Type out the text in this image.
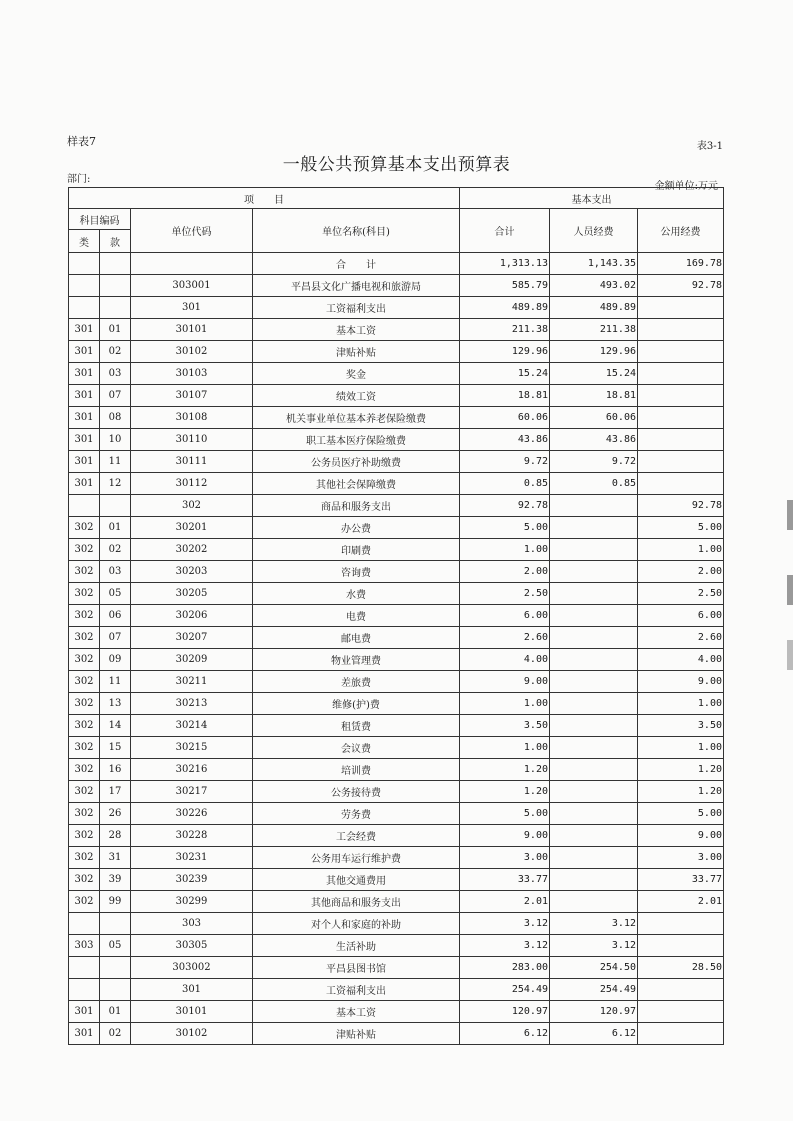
样表7	表3-1
一般公共预算基本支出预算表
部门:
金额单位:万元
项　　目				基本支出		
科目编码		单位代码	单位名称(科目)	合计	人员经费	公用经费
类	款					
			合　　计	1,313.13	1,143.35	169.78
		303001	平昌县文化广播电视和旅游局	585.79	493.02	92.78
		301	工资福利支出	489.89	489.89	
301	01	30101	基本工资	211.38	211.38	
301	02	30102	津贴补贴	129.96	129.96	
301	03	30103	奖金	15.24	15.24	
301	07	30107	绩效工资	18.81	18.81	
301	08	30108	机关事业单位基本养老保险缴费	60.06	60.06	
301	10	30110	职工基本医疗保险缴费	43.86	43.86	
301	11	30111	公务员医疗补助缴费	9.72	9.72	
301	12	30112	其他社会保障缴费	0.85	0.85	
		302	商品和服务支出	92.78		92.78
302	01	30201	办公费	5.00		5.00
302	02	30202	印刷费	1.00		1.00
302	03	30203	咨询费	2.00		2.00
302	05	30205	水费	2.50		2.50
302	06	30206	电费	6.00		6.00
302	07	30207	邮电费	2.60		2.60
302	09	30209	物业管理费	4.00		4.00
302	11	30211	差旅费	9.00		9.00
302	13	30213	维修(护)费	1.00		1.00
302	14	30214	租赁费	3.50		3.50
302	15	30215	会议费	1.00		1.00
302	16	30216	培训费	1.20		1.20
302	17	30217	公务接待费	1.20		1.20
302	26	30226	劳务费	5.00		5.00
302	28	30228	工会经费	9.00		9.00
302	31	30231	公务用车运行维护费	3.00		3.00
302	39	30239	其他交通费用	33.77		33.77
302	99	30299	其他商品和服务支出	2.01		2.01
		303	对个人和家庭的补助	3.12	3.12	
303	05	30305	生活补助	3.12	3.12	
		303002	平昌县图书馆	283.00	254.50	28.50
		301	工资福利支出	254.49	254.49	
301	01	30101	基本工资	120.97	120.97	
301	02	30102	津贴补贴	6.12	6.12	
